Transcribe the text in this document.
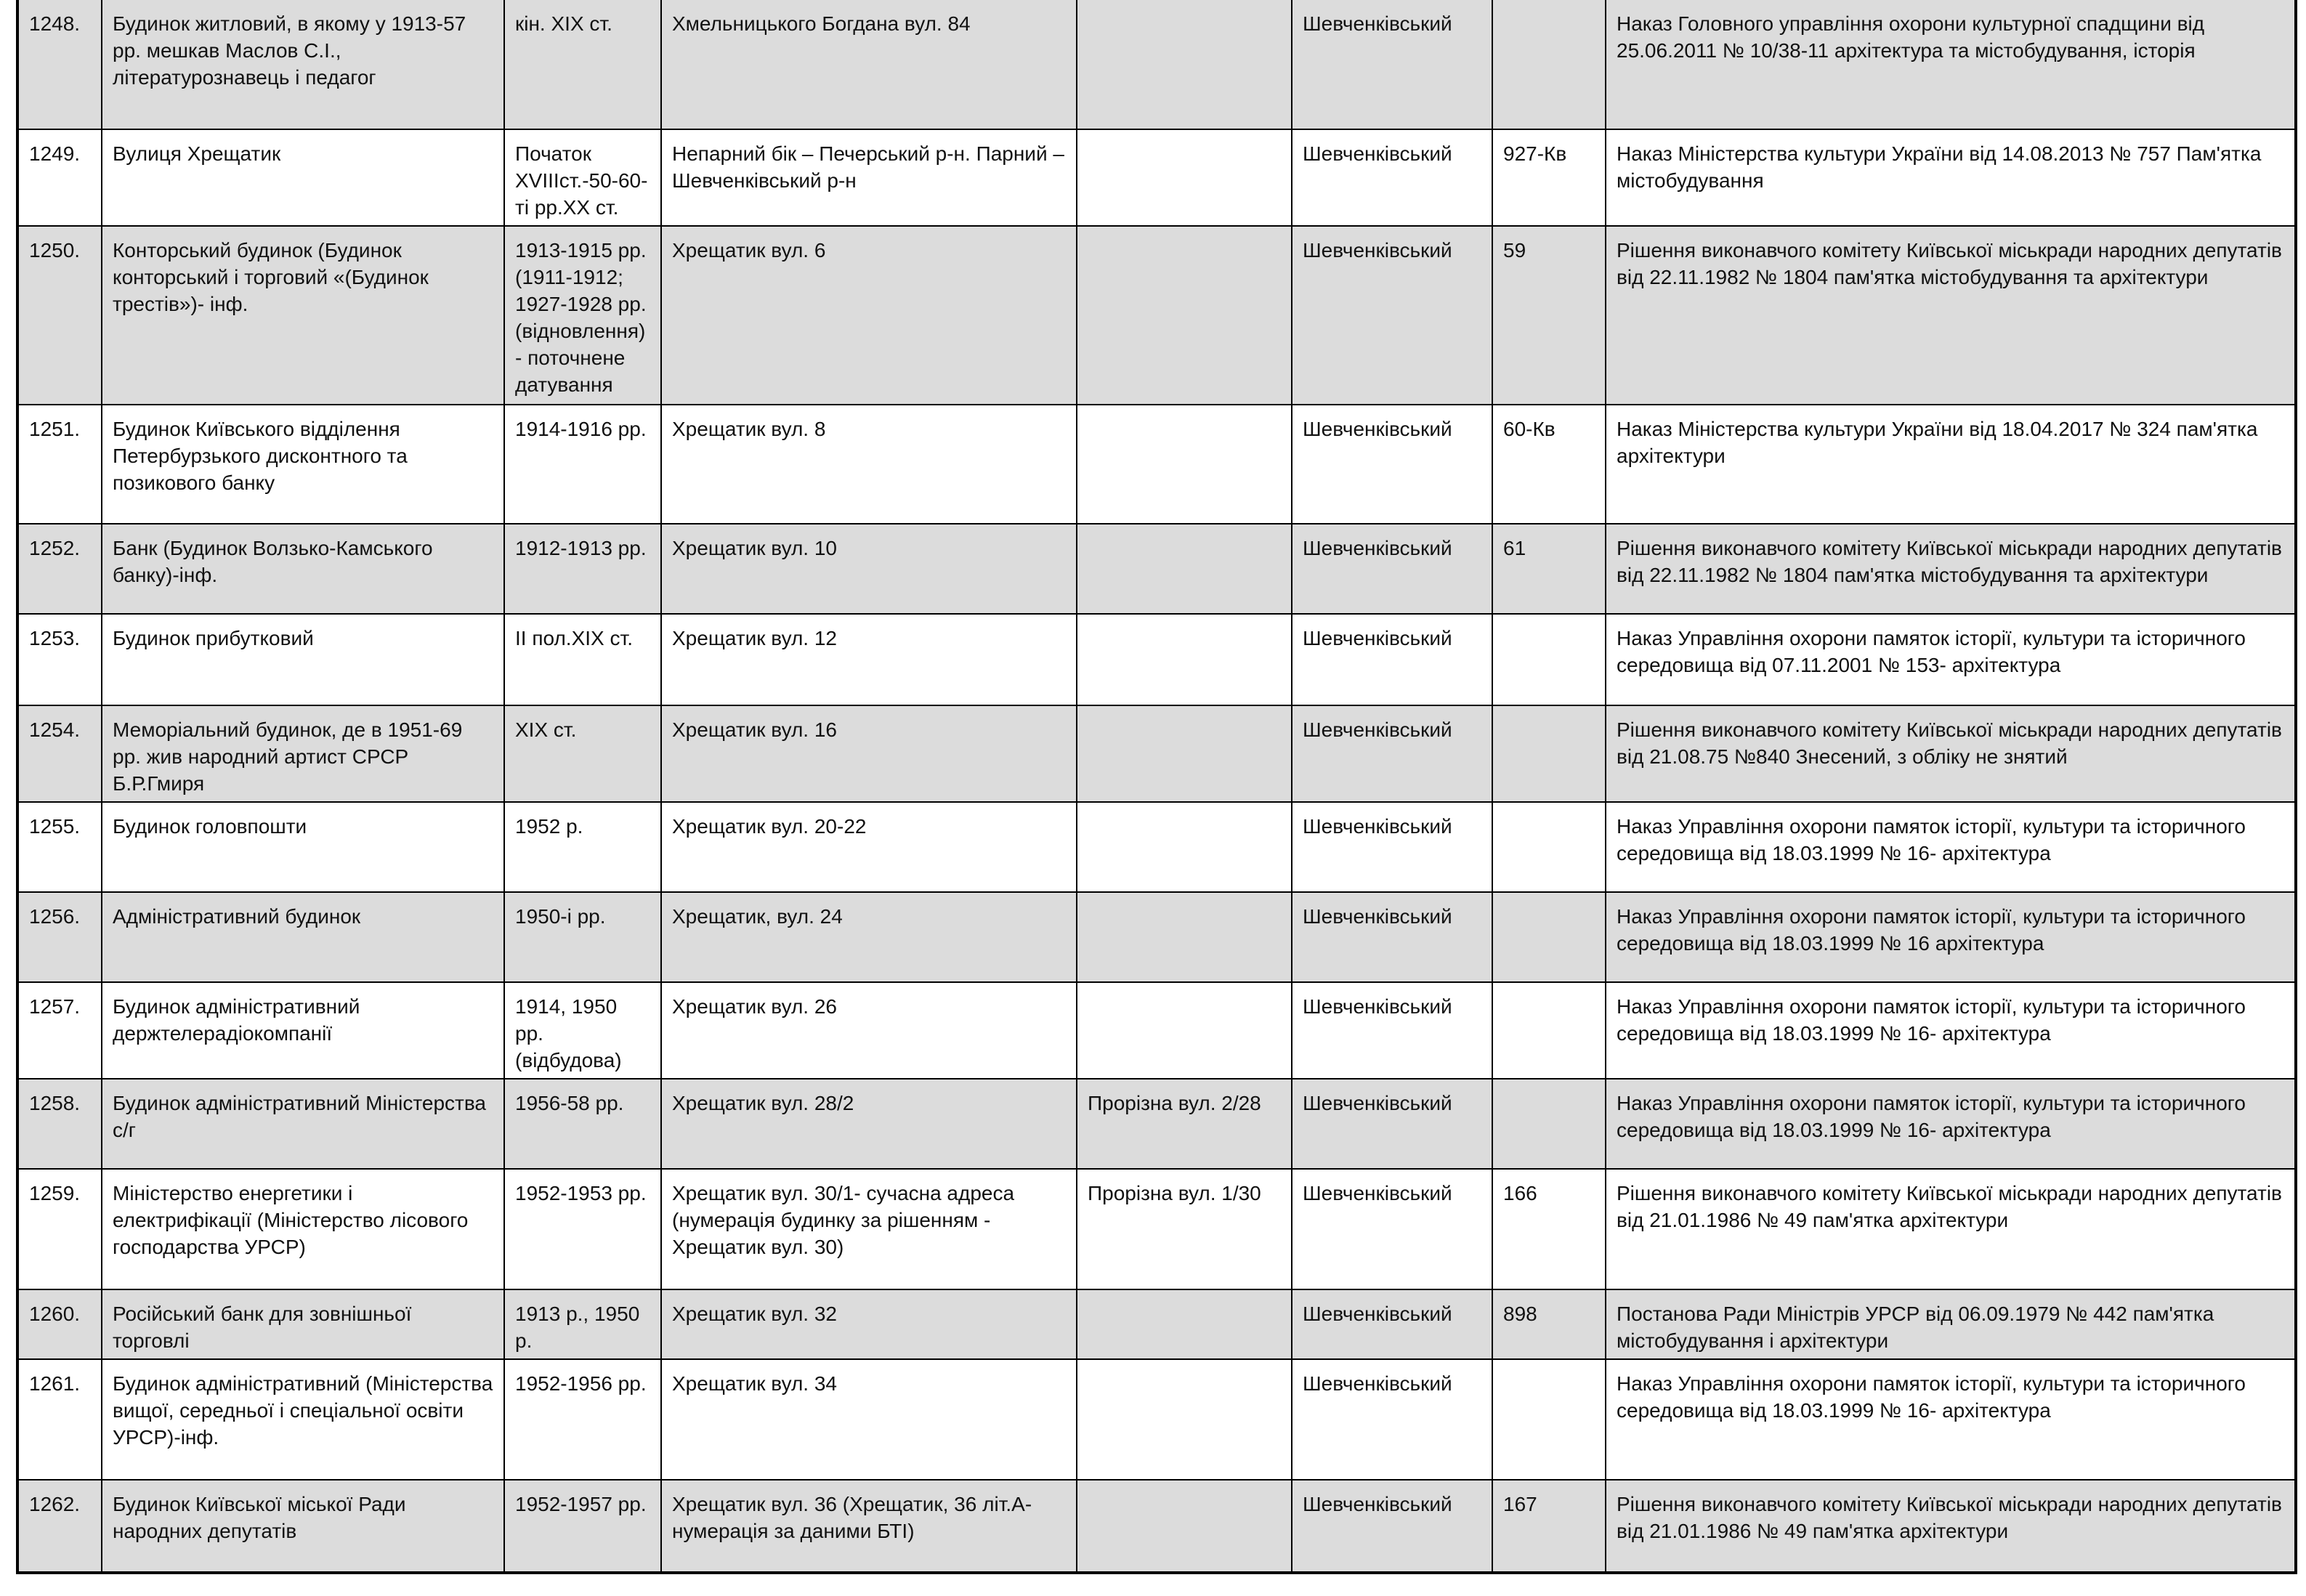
1248.	Будинок житловий, в якому у 1913-57 рр. мешкав Маслов С.І., літературознавець і педагог	кін. XIX ст.	Хмельницького Богдана вул. 84		Шевченківський		Наказ Головного управління охорони культурної спадщини від 25.06.2011 № 10/38-11 архітектура та містобудування, історія
1249.	Вулиця Хрещатик	Початок XVIIIст.-50-60-ті рр.ХХ ст.	Непарний бік – Печерський р-н. Парний – Шевченківський р-н		Шевченківський	927-Кв	Наказ Міністерства культури України від 14.08.2013 № 757 Пам'ятка містобудування
1250.	Конторський будинок (Будинок конторський і торговий «(Будинок трестів»)- інф.	1913-1915 рр. (1911-1912; 1927-1928 рр. (відновлення) - поточнене датування	Хрещатик вул. 6		Шевченківський	59	Рішення виконавчого комітету Київської міськради народних депутатів від 22.11.1982 № 1804 пам'ятка містобудування та архітектури
1251.	Будинок Київського відділення Петербурзького дисконтного та позикового банку	1914-1916 рр.	Хрещатик вул. 8		Шевченківський	60-Кв	Наказ Міністерства культури України від 18.04.2017 № 324 пам'ятка архітектури
1252.	Банк (Будинок Волзько-Камського банку)-інф.	1912-1913 рр.	Хрещатик вул. 10		Шевченківський	61	Рішення виконавчого комітету Київської міськради народних депутатів від 22.11.1982 № 1804 пам'ятка містобудування та архітектури
1253.	Будинок прибутковий	ІІ пол.ХІХ ст.	Хрещатик вул. 12		Шевченківський		Наказ Управління охорони памяток історії, культури та історичного середовища від 07.11.2001 № 153- архітектура
1254.	Меморіальний будинок, де в 1951-69 рр. жив народний артист СРСР Б.Р.Гмиря	ХІХ ст.	Хрещатик вул. 16		Шевченківський		Рішення виконавчого комітету Київської міськради народних депутатів від 21.08.75 №840 Знесений, з обліку не знятий
1255.	Будинок головпошти	1952 р.	Хрещатик вул. 20-22		Шевченківський		Наказ Управління охорони памяток історії, культури та історичного середовища від 18.03.1999 № 16- архітектура
1256.	Адміністративний будинок	1950-і рр.	Хрещатик, вул. 24		Шевченківський		Наказ Управління охорони памяток історії, культури та історичного середовища від 18.03.1999 № 16 архітектура
1257.	Будинок адміністративний держтелерадіокомпанії	1914, 1950 рр. (відбудова)	Хрещатик вул. 26		Шевченківський		Наказ Управління охорони памяток історії, культури та історичного середовища від 18.03.1999 № 16- архітектура
1258.	Будинок адміністративний Міністерства с/г	1956-58 рр.	Хрещатик вул. 28/2	Прорізна вул. 2/28	Шевченківський		Наказ Управління охорони памяток історії, культури та історичного середовища від 18.03.1999 № 16- архітектура
1259.	Міністерство енергетики і електрифікації (Міністерство лісового господарства УРСР)	1952-1953 рр.	Хрещатик вул. 30/1- сучасна адреса (нумерація будинку за рішенням - Хрещатик вул. 30)	Прорізна вул. 1/30	Шевченківський	166	Рішення виконавчого комітету Київської міськради народних депутатів від 21.01.1986 № 49 пам'ятка архітектури
1260.	Російський банк для зовнішньої торговлі	1913 р., 1950 р.	Хрещатик вул. 32		Шевченківський	898	Постанова Ради Міністрів УРСР від 06.09.1979 № 442 пам'ятка містобудування і архітектури
1261.	Будинок адміністративний (Міністерства вищої, середньої і спеціальної освіти УРСР)-інф.	1952-1956 рр.	Хрещатик вул. 34		Шевченківський		Наказ Управління охорони памяток історії, культури та історичного середовища від 18.03.1999 № 16- архітектура
1262.	Будинок Київської міської Ради народних депутатів	1952-1957 рр.	Хрещатик вул. 36 (Хрещатик, 36 літ.А- нумерація за даними БТІ)		Шевченківський	167	Рішення виконавчого комітету Київської міськради народних депутатів від 21.01.1986 № 49 пам'ятка архітектури
